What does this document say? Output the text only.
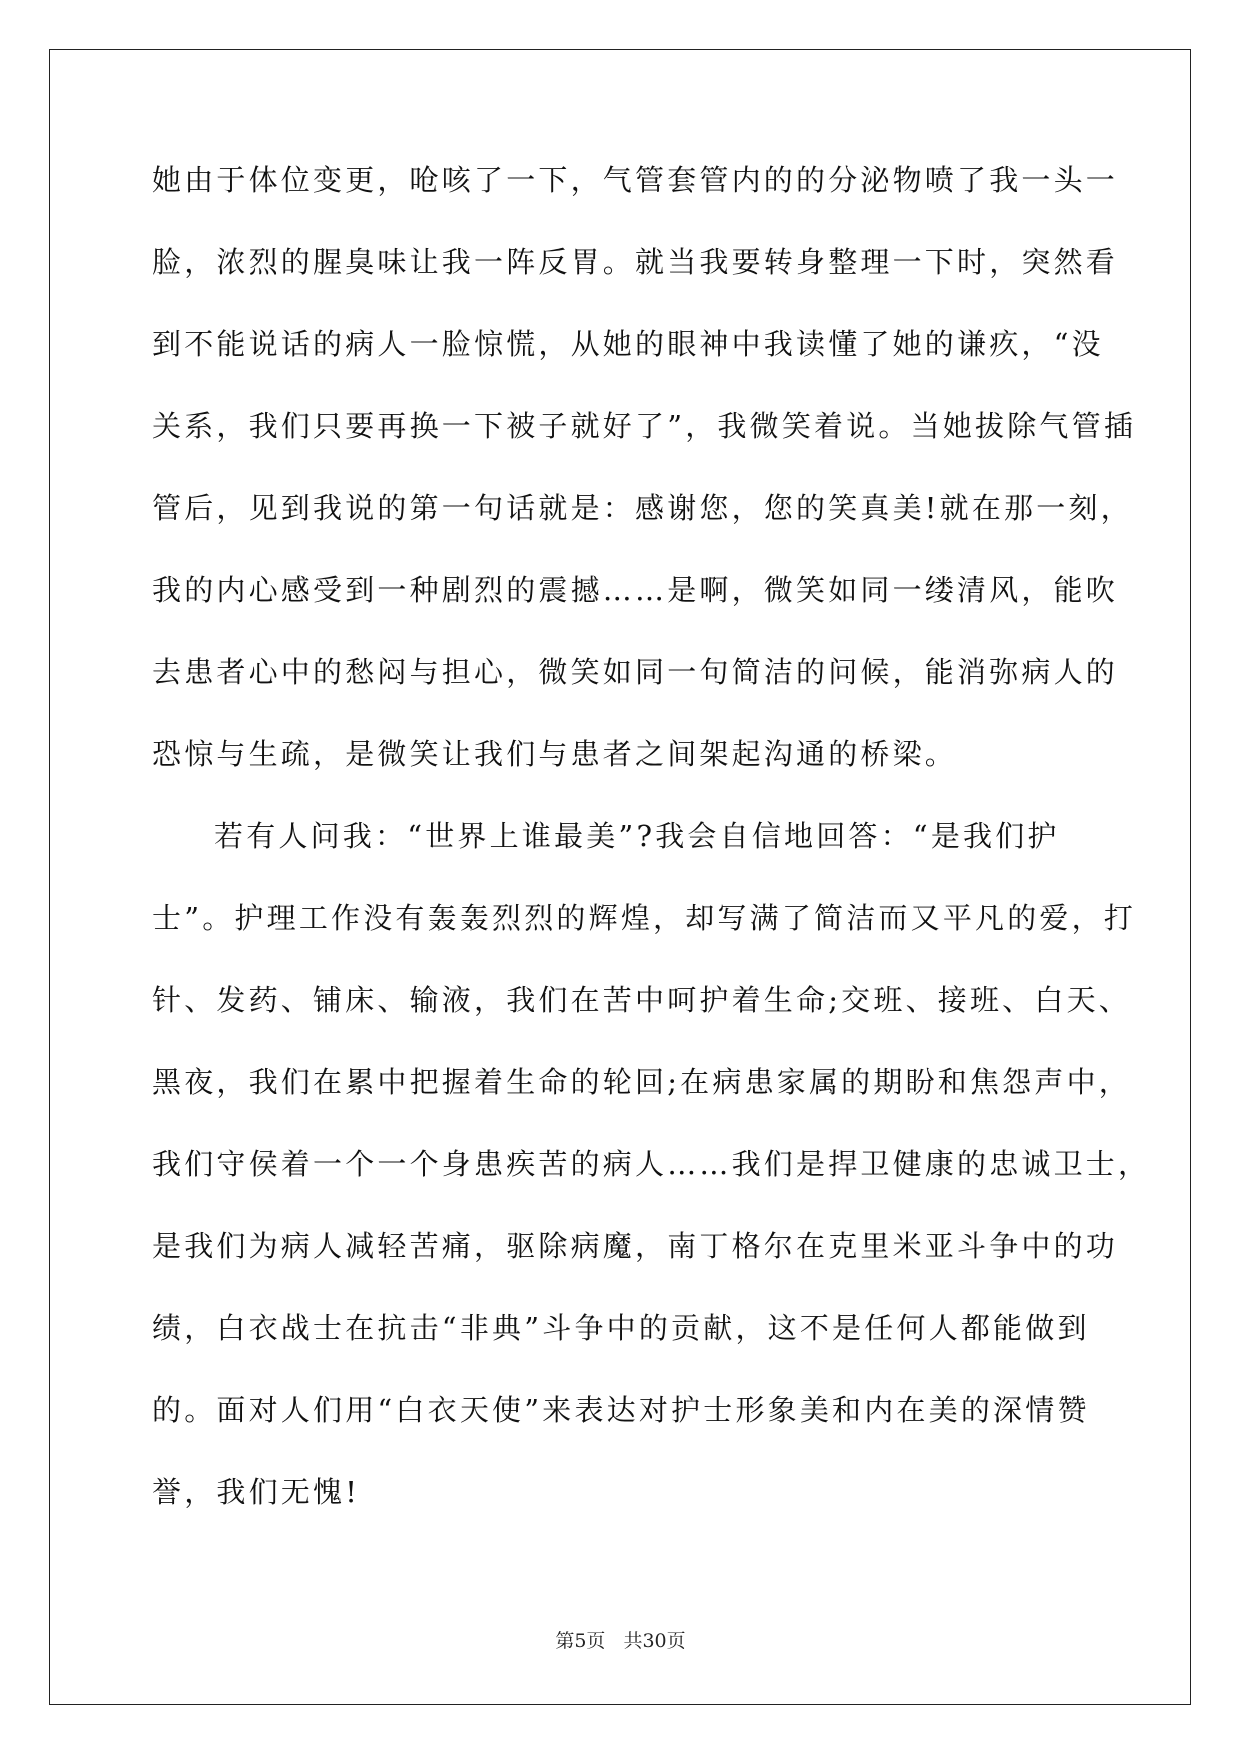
她由于体位变更，呛咳了一下，气管套管内的的分泌物喷了我一头一
脸，浓烈的腥臭味让我一阵反胃。就当我要转身整理一下时，突然看
到不能说话的病人一脸惊慌，从她的眼神中我读懂了她的谦疚，“没
关系，我们只要再换一下被子就好了”，我微笑着说。当她拔除气管插
管后，见到我说的第一句话就是：感谢您，您的笑真美!就在那一刻，
我的内心感受到一种剧烈的震撼……是啊，微笑如同一缕清风，能吹
去患者心中的愁闷与担心，微笑如同一句简洁的问候，能消弥病人的
恐惊与生疏，是微笑让我们与患者之间架起沟通的桥梁。
若有人问我：“世界上谁最美”?我会自信地回答：“是我们护
士”。护理工作没有轰轰烈烈的辉煌，却写满了简洁而又平凡的爱，打
针、发药、铺床、输液，我们在苦中呵护着生命;交班、接班、白天、
黑夜，我们在累中把握着生命的轮回;在病患家属的期盼和焦怨声中，
我们守侯着一个一个身患疾苦的病人……我们是捍卫健康的忠诚卫士，
是我们为病人减轻苦痛，驱除病魔，南丁格尔在克里米亚斗争中的功
绩，白衣战士在抗击“非典”斗争中的贡献，这不是任何人都能做到
的。面对人们用“白衣天使”来表达对护士形象美和内在美的深情赞
誉，我们无愧!
第5页 共30页
